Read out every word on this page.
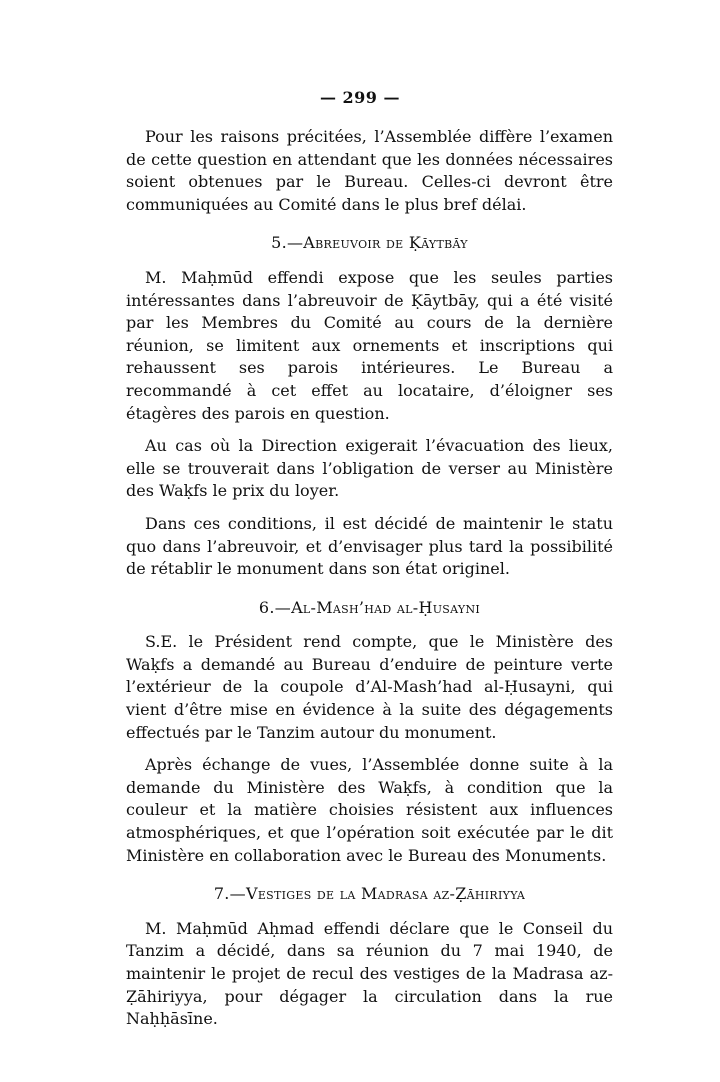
— 299 —

Pour les raisons précitées, l’Assemblée diffère l’examen de cette question en attendant que les données nécessaires soient obtenues par le Bureau. Celles-ci devront être communiquées au Comité dans le plus bref délai.

5.—Abreuvoir de Ḳāytbāy

M. Maḥmūd effendi expose que les seules parties intéressantes dans l’abreuvoir de Ḳāytbāy, qui a été visité par les Membres du Comité au cours de la dernière réunion, se limitent aux ornements et inscriptions qui rehaussent ses parois intérieures. Le Bureau a recommandé à cet effet au locataire, d’éloigner ses étagères des parois en question.

Au cas où la Direction exigerait l’évacuation des lieux, elle se trouverait dans l’obligation de verser au Ministère des Waḳfs le prix du loyer.

Dans ces conditions, il est décidé de maintenir le statu quo dans l’abreuvoir, et d’envisager plus tard la possibilité de rétablir le monument dans son état originel.

6.—Al-Mash’had al-Ḥusayni

S.E. le Président rend compte, que le Ministère des Waḳfs a demandé au Bureau d’enduire de peinture verte l’extérieur de la coupole d’Al-Mash’had al-Ḥusayni, qui vient d’être mise en évidence à la suite des dégagements effectués par le Tanzim autour du monument.

Après échange de vues, l’Assemblée donne suite à la demande du Ministère des Waḳfs, à condition que la couleur et la matière choisies résistent aux influences atmosphériques, et que l’opération soit exécutée par le dit Ministère en collaboration avec le Bureau des Monuments.

7.—Vestiges de la Madrasa az-Ẓāhiriyya

M. Maḥmūd Aḥmad effendi déclare que le Conseil du Tanzim a décidé, dans sa réunion du 7 mai 1940, de maintenir le projet de recul des vestiges de la Madrasa az-Ẓāhiriyya, pour dégager la circulation dans la rue Naḥḥāsīne.
